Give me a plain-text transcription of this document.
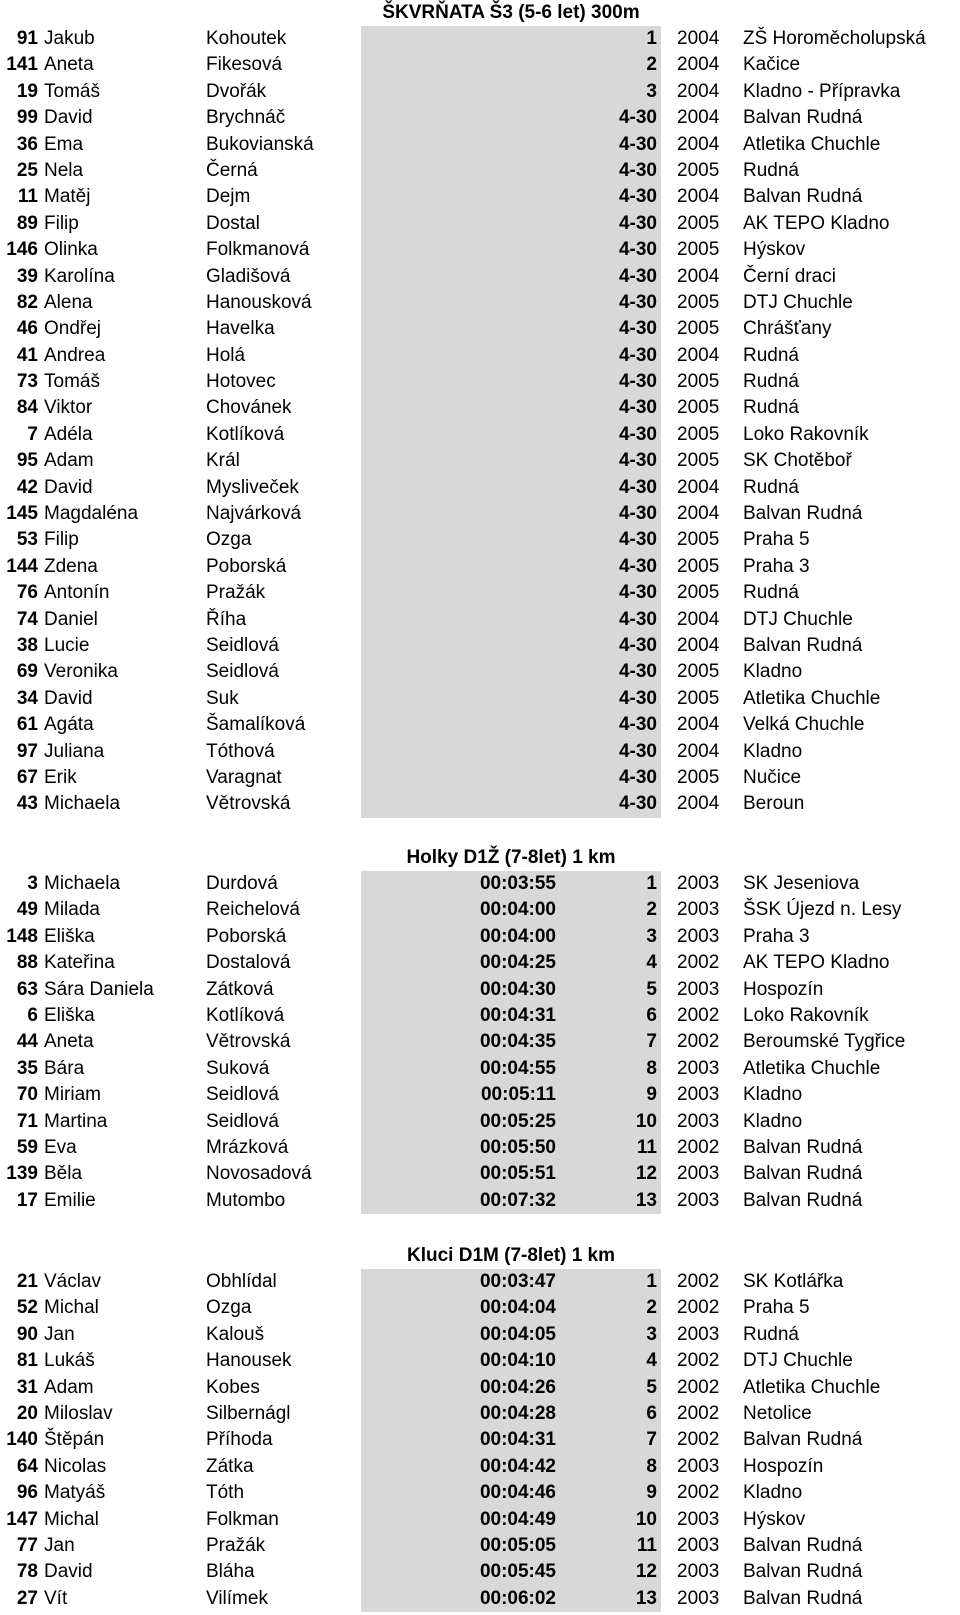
ŠKVRŇATA Š3 (5-6 let) 300m
91 Jakub	Kohoutek	1 2004 ZŠ Horoměcholupská
141 Aneta	Fikesová	2 2004 Kačice
19 Tomáš	Dvořák	3 2004 Kladno - Přípravka
99 David	Brychnáč	4-30 2004 Balvan Rudná
36 Ema	Bukovianská	4-30 2004 Atletika Chuchle
25 Nela	Černá	4-30 2005 Rudná
11 Matěj	Dejm	4-30 2004 Balvan Rudná
89 Filip	Dostal	4-30 2005 AK TEPO Kladno
146 Olinka	Folkmanová	4-30 2005 Hýskov
39 Karolína	Gladišová	4-30 2004 Černí draci
82 Alena	Hanousková	4-30 2005 DTJ Chuchle
46 Ondřej	Havelka	4-30 2005 Chrášťany
41 Andrea	Holá	4-30 2004 Rudná
73 Tomáš	Hotovec	4-30 2005 Rudná
84 Viktor	Chovánek	4-30 2005 Rudná
7 Adéla	Kotlíková	4-30 2005 Loko Rakovník
95 Adam	Král	4-30 2005 SK Chotěboř
42 David	Myslivеček	4-30 2004 Rudná
145 Magdaléna	Najvárková	4-30 2004 Balvan Rudná
53 Filip	Ozga	4-30 2005 Praha 5
144 Zdena	Poborská	4-30 2005 Praha 3
76 Antonín	Pražák	4-30 2005 Rudná
74 Daniel	Říha	4-30 2004 DTJ Chuchle
38 Lucie	Seidlová	4-30 2004 Balvan Rudná
69 Veronika	Seidlová	4-30 2005 Kladno
34 David	Suk	4-30 2005 Atletika Chuchle
61 Agáta	Šamalíková	4-30 2004 Velká Chuchle
97 Juliana	Tóthová	4-30 2004 Kladno
67 Erik	Varagnat	4-30 2005 Nučice
43 Michaela	Větrovská	4-30 2004 Beroun
Holky D1Ž (7-8let) 1 km
3 Michaela	Durdová	00:03:55	1 2003 SK Jeseniova
49 Milada	Reichelová	00:04:00	2 2003 ŠSK Újezd n. Lesy
148 Eliška	Poborská	00:04:00	3 2003 Praha 3
88 Kateřina	Dostalová	00:04:25	4 2002 AK TEPO Kladno
63 Sára Daniela	Zátková	00:04:30	5 2003 Hospozín
6 Eliška	Kotlíková	00:04:31	6 2002 Loko Rakovník
44 Aneta	Větrovská	00:04:35	7 2002 Beroumské Tygřice
35 Bára	Suková	00:04:55	8 2003 Atletika Chuchle
70 Miriam	Seidlová	00:05:11	9 2003 Kladno
71 Martina	Seidlová	00:05:25	10 2003 Kladno
59 Eva	Mrázková	00:05:50	11 2002 Balvan Rudná
139 Běla	Novosadová	00:05:51	12 2003 Balvan Rudná
17 Emilie	Mutombo	00:07:32	13 2003 Balvan Rudná
Kluci D1M (7-8let) 1 km
21 Václav	Obhlídal	00:03:47	1 2002 SK Kotlářka
52 Michal	Ozga	00:04:04	2 2002 Praha 5
90 Jan	Kalouš	00:04:05	3 2003 Rudná
81 Lukáš	Hanousek	00:04:10	4 2002 DTJ Chuchle
31 Adam	Kobes	00:04:26	5 2002 Atletika Chuchle
20 Miloslav	Silbernágl	00:04:28	6 2002 Netolice
140 Štěpán	Příhoda	00:04:31	7 2002 Balvan Rudná
64 Nicolas	Zátka	00:04:42	8 2003 Hospozín
96 Matyáš	Tóth	00:04:46	9 2002 Kladno
147 Michal	Folkman	00:04:49	10 2003 Hýskov
77 Jan	Pražák	00:05:05	11 2003 Balvan Rudná
78 David	Bláha	00:05:45	12 2003 Balvan Rudná
27 Vít	Vilímek	00:06:02	13 2003 Balvan Rudná
